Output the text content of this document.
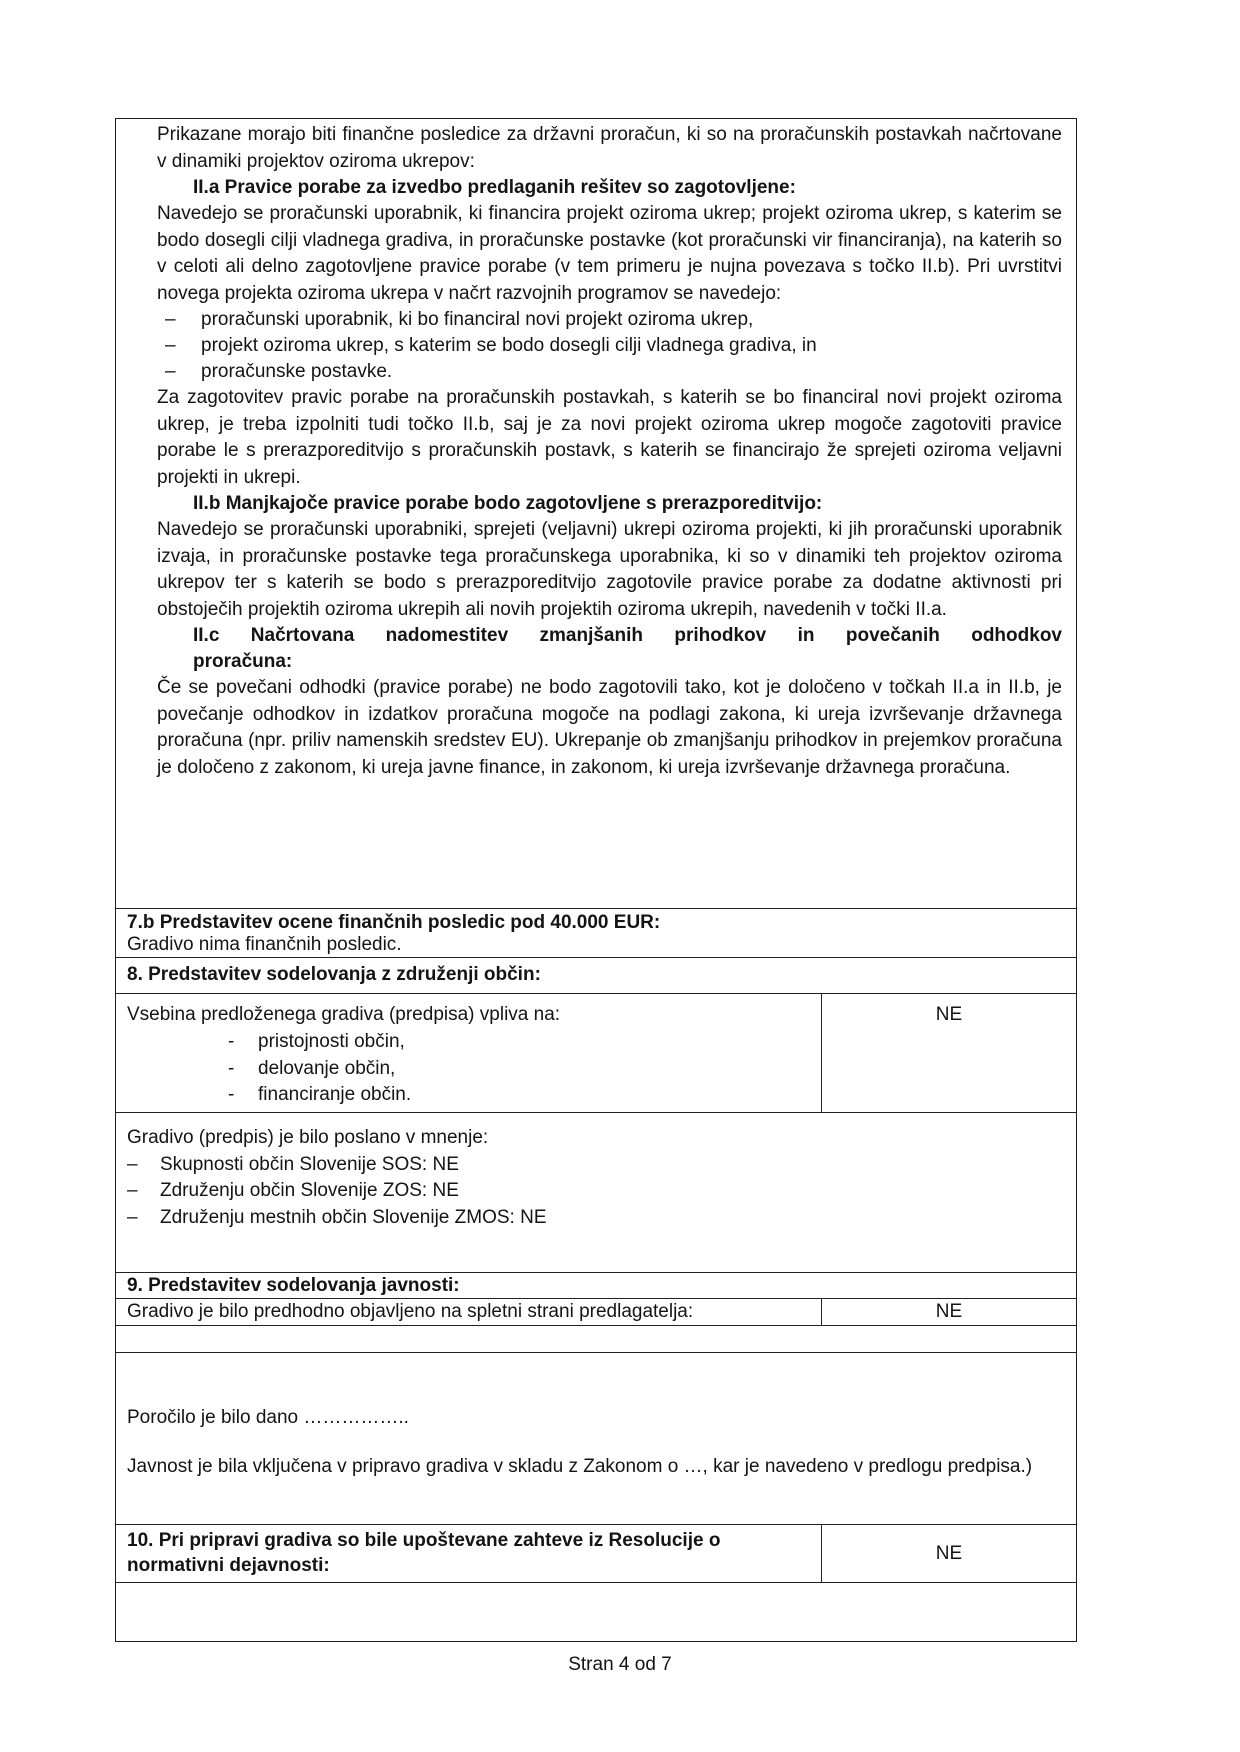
Prikazane morajo biti finančne posledice za državni proračun, ki so na proračunskih postavkah načrtovane v dinamiki projektov oziroma ukrepov:

II.a Pravice porabe za izvedbo predlaganih rešitev so zagotovljene:

Navedejo se proračunski uporabnik, ki financira projekt oziroma ukrep; projekt oziroma ukrep, s katerim se bodo dosegli cilji vladnega gradiva, in proračunske postavke (kot proračunski vir financiranja), na katerih so v celoti ali delno zagotovljene pravice porabe (v tem primeru je nujna povezava s točko II.b). Pri uvrstitvi novega projekta oziroma ukrepa v načrt razvojnih programov se navedejo:

– proračunski uporabnik, ki bo financiral novi projekt oziroma ukrep,
– projekt oziroma ukrep, s katerim se bodo dosegli cilji vladnega gradiva, in
– proračunske postavke.

Za zagotovitev pravic porabe na proračunskih postavkah, s katerih se bo financiral novi projekt oziroma ukrep, je treba izpolniti tudi točko II.b, saj je za novi projekt oziroma ukrep mogoče zagotoviti pravice porabe le s prerazporeditvijo s proračunskih postavk, s katerih se financirajo že sprejeti oziroma veljavni projekti in ukrepi.

II.b Manjkajoče pravice porabe bodo zagotovljene s prerazporeditvijo:

Navedejo se proračunski uporabniki, sprejeti (veljavni) ukrepi oziroma projekti, ki jih proračunski uporabnik izvaja, in proračunske postavke tega proračunskega uporabnika, ki so v dinamiki teh projektov oziroma ukrepov ter s katerih se bodo s prerazporeditvijo zagotovile pravice porabe za dodatne aktivnosti pri obstoječih projektih oziroma ukrepih ali novih projektih oziroma ukrepih, navedenih v točki II.a.

II.c Načrtovana nadomestitev zmanjšanih prihodkov in povečanih odhodkov

proračuna:

Če se povečani odhodki (pravice porabe) ne bodo zagotovili tako, kot je določeno v točkah II.a in II.b, je povečanje odhodkov in izdatkov proračuna mogoče na podlagi zakona, ki ureja izvrševanje državnega proračuna (npr. priliv namenskih sredstev EU). Ukrepanje ob zmanjšanju prihodkov in prejemkov proračuna je določeno z zakonom, ki ureja javne finance, in zakonom, ki ureja izvrševanje državnega proračuna.

7.b Predstavitev ocene finančnih posledic pod 40.000 EUR:

Gradivo nima finančnih posledic.

8. Predstavitev sodelovanja z združenji občin:

Vsebina predloženega gradiva (predpisa) vpliva na:

- pristojnosti občin,
- delovanje občin,
- financiranje občin.

NE

Gradivo (predpis) je bilo poslano v mnenje:

– Skupnosti občin Slovenije SOS: NE
– Združenju občin Slovenije ZOS: NE
– Združenju mestnih občin Slovenije ZMOS: NE

9. Predstavitev sodelovanja javnosti:

Gradivo je bilo predhodno objavljeno na spletni strani predlagatelja:	NE

Poročilo je bilo dano ……………..

Javnost je bila vključena v pripravo gradiva v skladu z Zakonom o …, kar je navedeno v predlogu predpisa.)

10. Pri pripravi gradiva so bile upoštevane zahteve iz Resolucije o normativni dejavnosti:

NE

Stran 4 od 7
